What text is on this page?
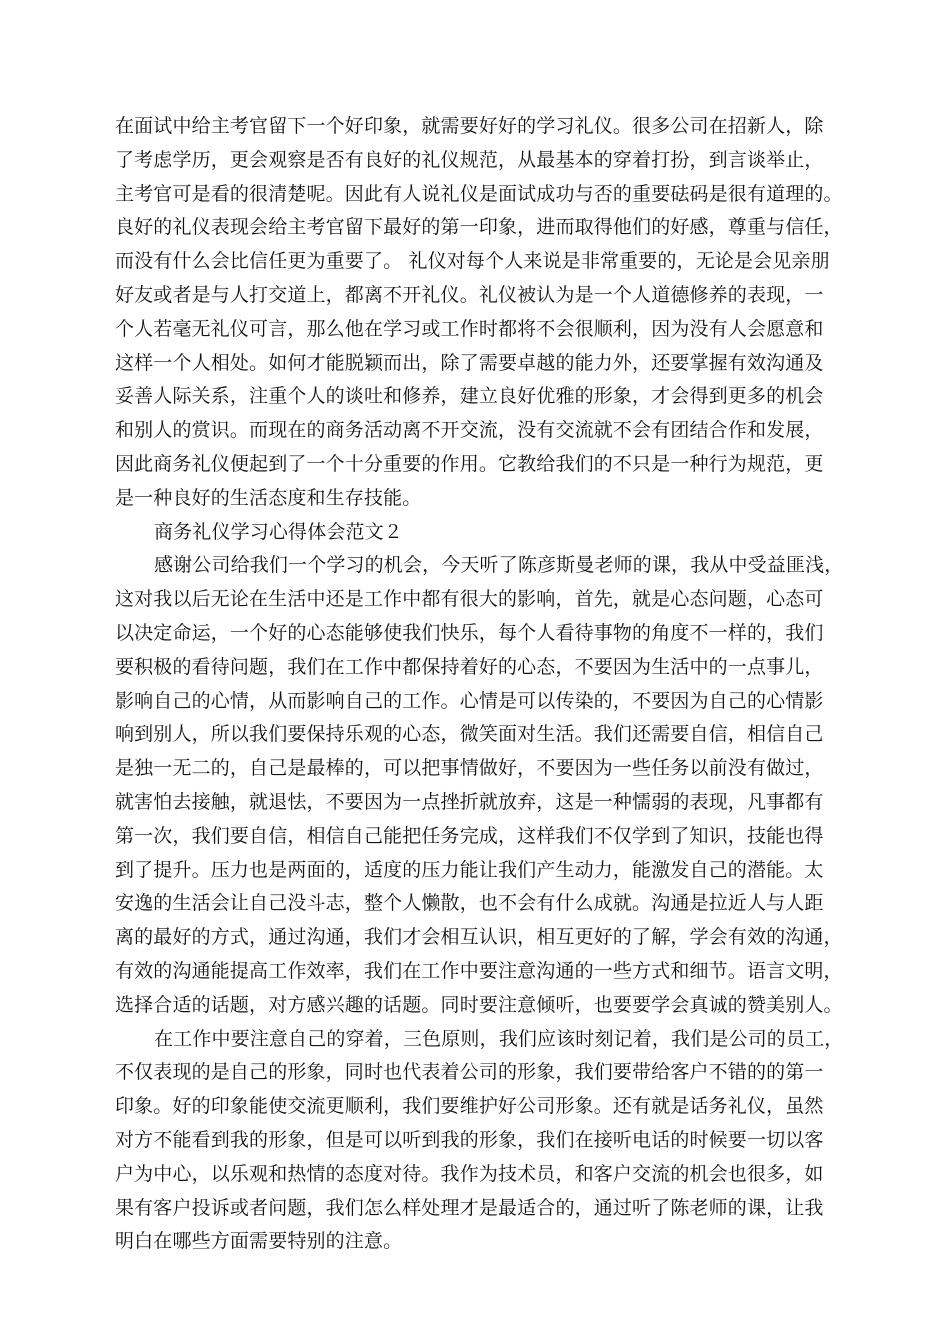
在面试中给主考官留下一个好印象，就需要好好的学习礼仪。很多公司在招新人，除
了考虑学历，更会观察是否有良好的礼仪规范，从最基本的穿着打扮，到言谈举止，
主考官可是看的很清楚呢。因此有人说礼仪是面试成功与否的重要砝码是很有道理的。
良好的礼仪表现会给主考官留下最好的第一印象，进而取得他们的好感，尊重与信任，
而没有什么会比信任更为重要了。 礼仪对每个人来说是非常重要的，无论是会见亲朋
好友或者是与人打交道上，都离不开礼仪。礼仪被认为是一个人道德修养的表现，一
个人若毫无礼仪可言，那么他在学习或工作时都将不会很顺利，因为没有人会愿意和
这样一个人相处。如何才能脱颖而出，除了需要卓越的能力外，还要掌握有效沟通及
妥善人际关系，注重个人的谈吐和修养，建立良好优雅的形象，才会得到更多的机会
和别人的赏识。而现在的商务活动离不开交流，没有交流就不会有团结合作和发展，
因此商务礼仪便起到了一个十分重要的作用。它教给我们的不只是一种行为规范，更
是一种良好的生活态度和生存技能。
商务礼仪学习心得体会范文２
感谢公司给我们一个学习的机会，今天听了陈彦斯曼老师的课，我从中受益匪浅，
这对我以后无论在生活中还是工作中都有很大的影响，首先，就是心态问题，心态可
以决定命运，一个好的心态能够使我们快乐，每个人看待事物的角度不一样的，我们
要积极的看待问题，我们在工作中都保持着好的心态，不要因为生活中的一点事儿，
影响自己的心情，从而影响自己的工作。心情是可以传染的，不要因为自己的心情影
响到别人，所以我们要保持乐观的心态，微笑面对生活。我们还需要自信，相信自己
是独一无二的，自己是最棒的，可以把事情做好，不要因为一些任务以前没有做过，
就害怕去接触，就退怯，不要因为一点挫折就放弃，这是一种懦弱的表现，凡事都有
第一次，我们要自信，相信自己能把任务完成，这样我们不仅学到了知识，技能也得
到了提升。压力也是两面的，适度的压力能让我们产生动力，能激发自己的潜能。太
安逸的生活会让自己没斗志，整个人懒散，也不会有什么成就。沟通是拉近人与人距
离的最好的方式，通过沟通，我们才会相互认识，相互更好的了解，学会有效的沟通，
有效的沟通能提高工作效率，我们在工作中要注意沟通的一些方式和细节。语言文明，
选择合适的话题，对方感兴趣的话题。同时要注意倾听，也要要学会真诚的赞美别人。
在工作中要注意自己的穿着，三色原则，我们应该时刻记着，我们是公司的员工，
不仅表现的是自己的形象，同时也代表着公司的形象，我们要带给客户不错的的第一
印象。好的印象能使交流更顺利，我们要维护好公司形象。还有就是话务礼仪，虽然
对方不能看到我的形象，但是可以听到我的形象，我们在接听电话的时候要一切以客
户为中心，以乐观和热情的态度对待。我作为技术员，和客户交流的机会也很多，如
果有客户投诉或者问题，我们怎么样处理才是最适合的，通过听了陈老师的课，让我
明白在哪些方面需要特别的注意。
